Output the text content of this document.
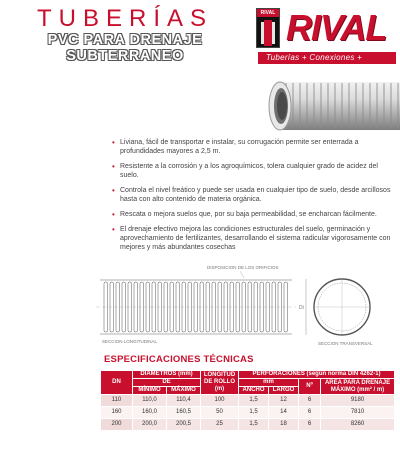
TUBERÍAS
PVC PARA DRENAJE
SUBTERRANEO
RIVAL RIVAL
Tuberías + Conexiones +
• Liviana, fácil de transportar e instalar, su corrugación permite ser enterrada a profundidades mayores a 2,5 m.
• Resistente a la corrosión y a los agroquímicos, tolera cualquier grado de acidez del suelo.
• Controla el nivel freático y puede ser usada en cualquier tipo de suelo, desde arcillosos hasta con alto contenido de materia orgánica.
• Rescata o mejora suelos que, por su baja permeabilidad, se encharcan fácilmente.
• El drenaje efectivo mejora las condiciones estructurales del suelo, germinación y aprovechamiento de fertilizantes, desarrollando el sistema radicular vigorosamente con mejores y más abundantes cosechas
DISPOSICION DE LOS ORIFICIOS
SECCION LONGITUDINAL
Di
SECCION TRANSVERSAL
ESPECIFICACIONES TÉCNICAS
DN	DIAMETROS (mm)		LONGITUD DE ROLLO (m)	PERFORACIONES (según norma DIN 4262-1)			
	DE			mm		Nº	AREA PARA DRENAJE MÁXIMO (mm² / m)
	MÍNIMO	MÁXIMO		ANCHO	LARGO		
110	110,0	110,4	100	1,5	12	6	9180
160	160,0	160,5	50	1,5	14	6	7810
200	200,0	200,5	25	1,5	18	6	8260
